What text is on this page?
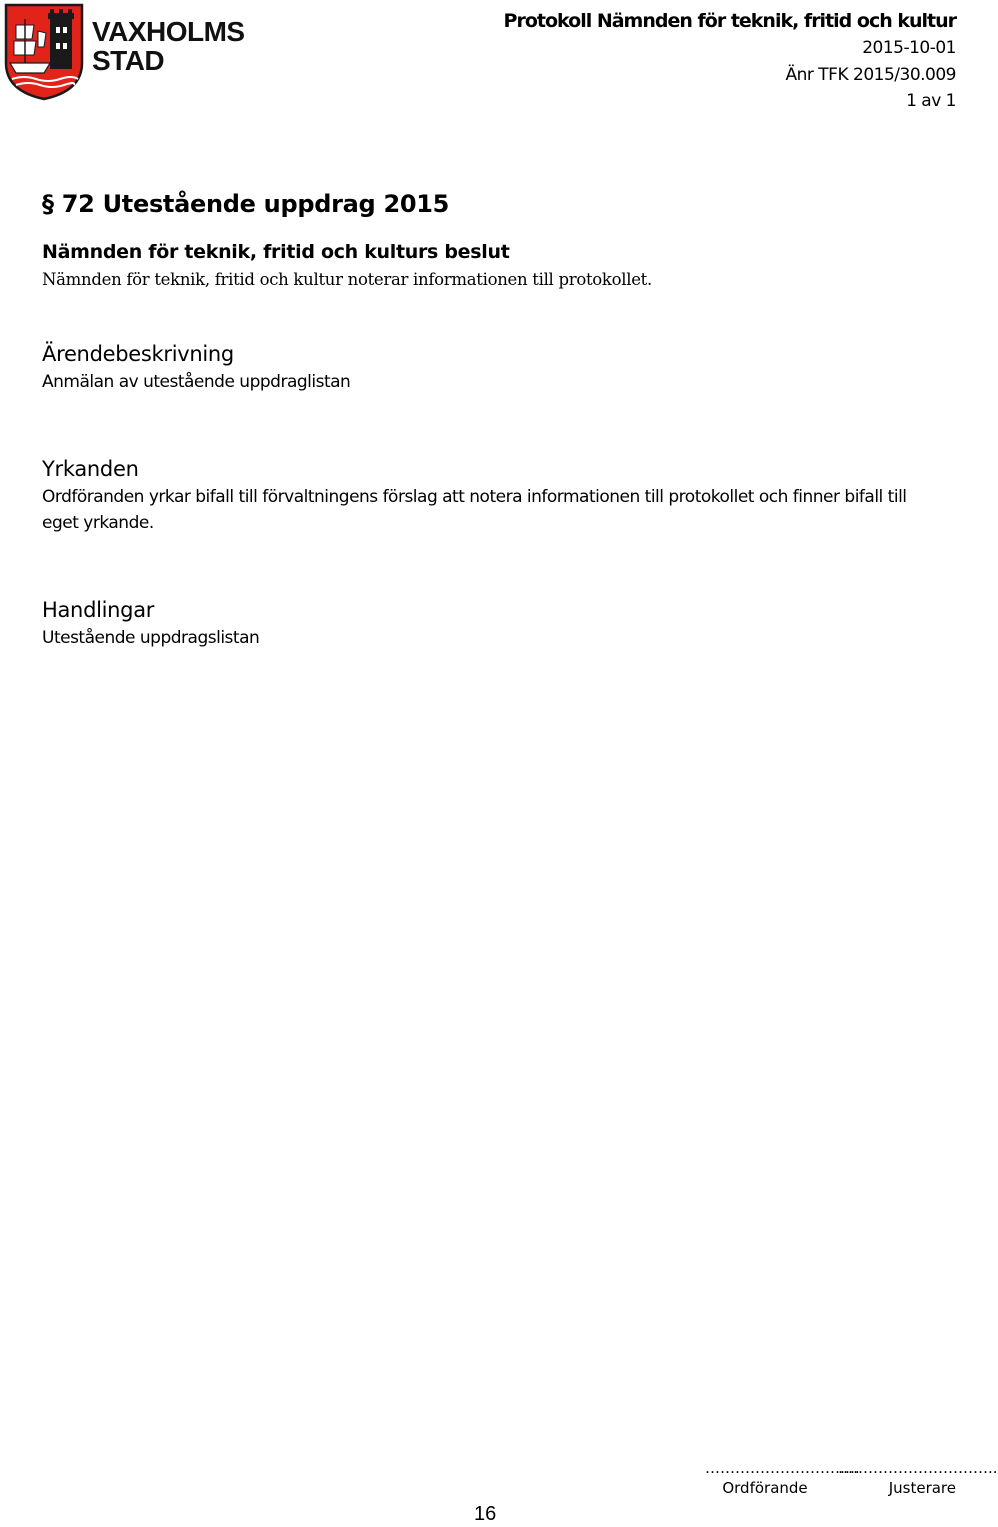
VAXHOLMS
STAD
Protokoll Nämnden för teknik, fritid och kultur
2015-10-01
Änr TFK 2015/30.009
1 av 1
§ 72 Utestående uppdrag 2015
Nämnden för teknik, fritid och kulturs beslut

Nämnden för teknik, fritid och kultur noterar informationen till protokollet.

Ärendebeskrivning

Anmälan av utestående uppdraglistan

Yrkanden

Ordföranden yrkar bifall till förvaltningens förslag att notera informationen till protokollet och finner bifall till eget yrkande.

Handlingar

Utestående uppdragslistan

………………………….
Ordförande
…………………………..
Justerare
16
